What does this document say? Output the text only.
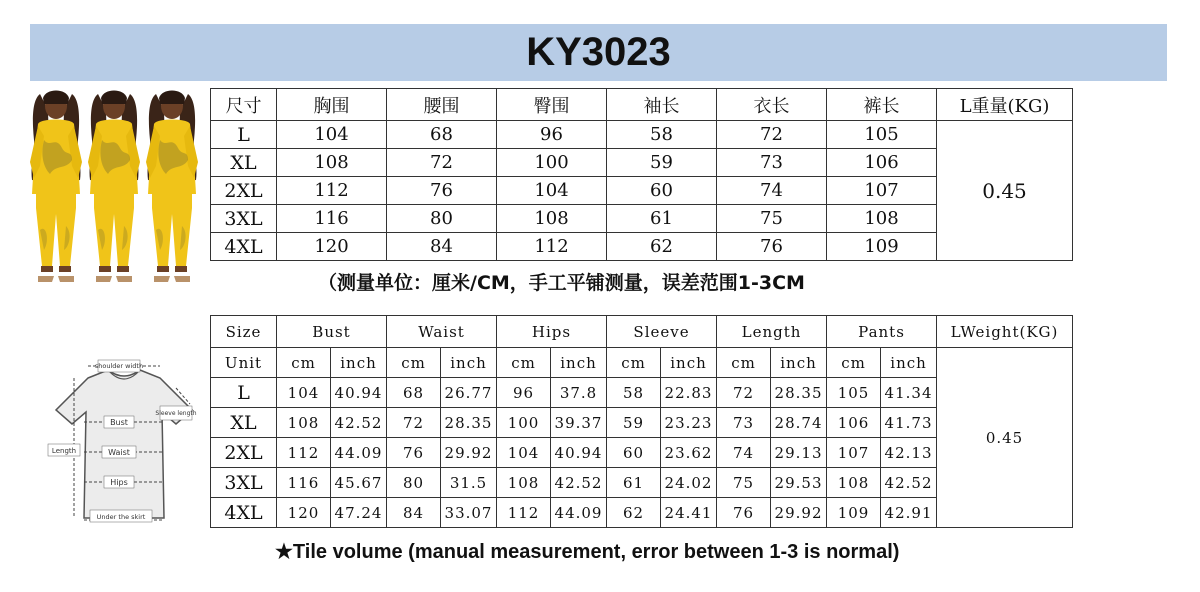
KY3023
尺寸	胸围	腰围	臀围	袖长	衣长	裤长	L重量(KG)
L	104	68	96	58	72	105	0.45
XL	108	72	100	59	73	106	
2XL	112	76	104	60	74	107	
3XL	116	80	108	61	75	108	
4XL	120	84	112	62	76	109	
（测量单位：厘米/CM，手工平铺测量，误差范围1-3CM
shoulder width
Sleeve length
Bust
Waist
Hips
Length
Under the skirt
Size	Bust		Waist		Hips		Sleeve		Length		Pants		LWeight(KG)
Unit	cm	inch	cm	inch	cm	inch	cm	inch	cm	inch	cm	inch	0.45
L	104	40.94	68	26.77	96	37.8	58	22.83	72	28.35	105	41.34	
XL	108	42.52	72	28.35	100	39.37	59	23.23	73	28.74	106	41.73	
2XL	112	44.09	76	29.92	104	40.94	60	23.62	74	29.13	107	42.13	
3XL	116	45.67	80	31.5	108	42.52	61	24.02	75	29.53	108	42.52	
4XL	120	47.24	84	33.07	112	44.09	62	24.41	76	29.92	109	42.91	
★Tile volume (manual measurement, error between 1-3 is normal)
